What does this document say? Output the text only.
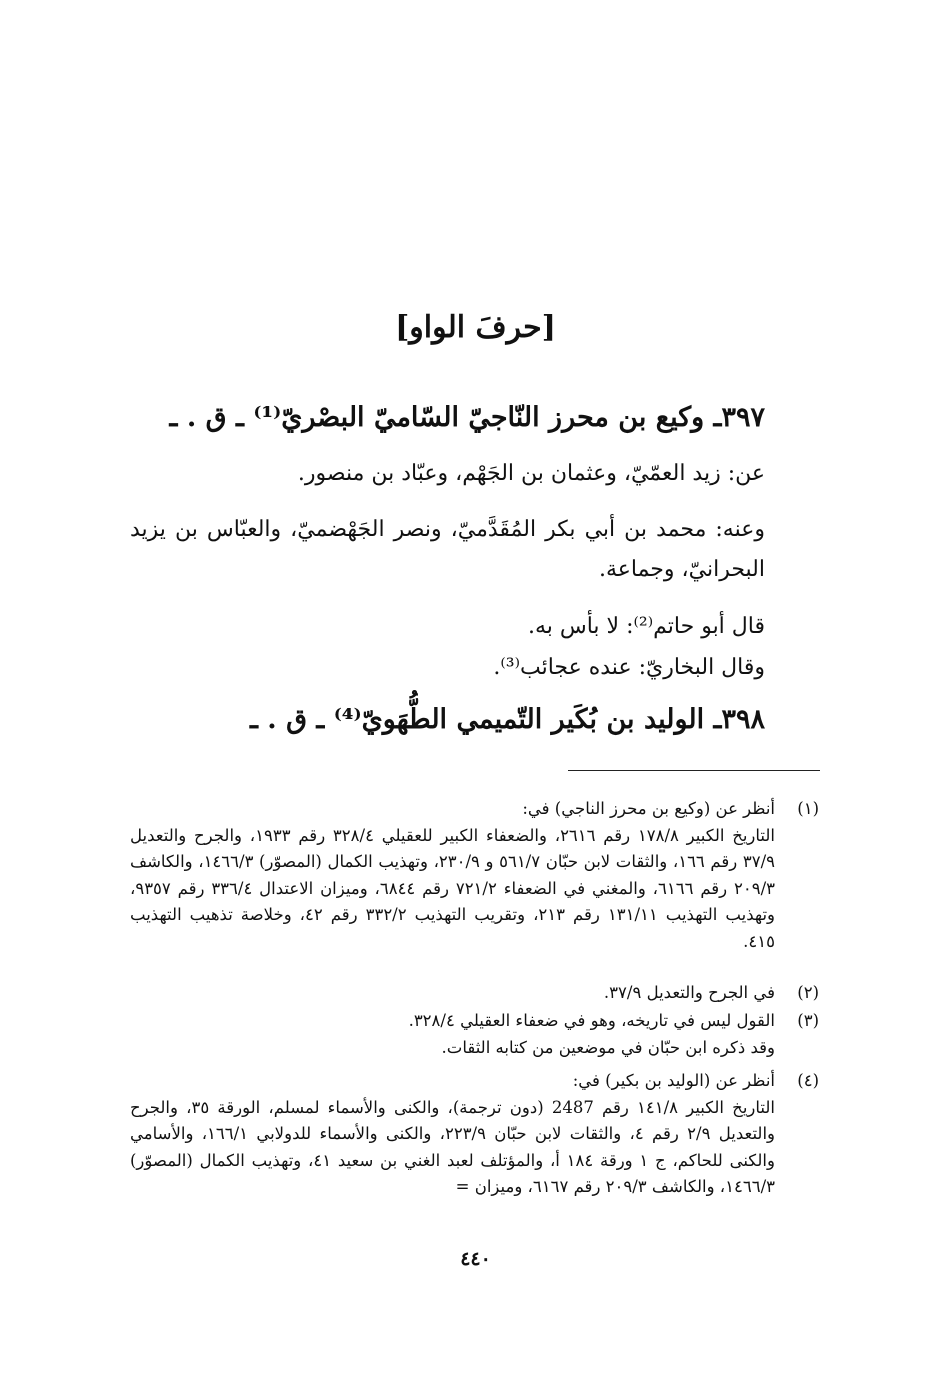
[حرفَ الواو]
٣٩٧ـ وكيع بن محرز النّاجيّ السّاميّ البصْريّ⁽¹⁾ ـ ق . ـ
عن: زيد العمّيّ، وعثمان بن الجَهْم، وعبّاد بن منصور.
وعنه: محمد بن أبي بكر المُقَدَّميّ، ونصر الجَهْضميّ، والعبّاس بن يزيد البحرانيّ، وجماعة.
قال أبو حاتم⁽²⁾: لا بأس به.
وقال البخاريّ: عنده عجائب⁽³⁾.
٣٩٨ـ الوليد بن بُكَير التّميمي الطُّهَويّ⁽⁴⁾ ـ ق . ـ
(١)
أنظر عن (وكيع بن محرز الناجي) في:
التاريخ الكبير ١٧٨/٨ رقم ٢٦١٦، والضعفاء الكبير للعقيلي ٣٢٨/٤ رقم ١٩٣٣، والجرح والتعديل ٣٧/٩ رقم ١٦٦، والثقات لابن حبّان ٥٦١/٧ و ٢٣٠/٩، وتهذيب الكمال (المصوّر) ١٤٦٦/٣، والكاشف ٢٠٩/٣ رقم ٦١٦٦، والمغني في الضعفاء ٧٢١/٢ رقم ٦٨٤٤، وميزان الاعتدال ٣٣٦/٤ رقم ٩٣٥٧، وتهذيب التهذيب ١٣١/١١ رقم ٢١٣، وتقريب التهذيب ٣٣٢/٢ رقم ٤٢، وخلاصة تذهيب التهذيب ٤١٥.
(٢)
في الجرح والتعديل ٣٧/٩.
(٣)
القول ليس في تاريخه، وهو في ضعفاء العقيلي ٣٢٨/٤.
وقد ذكره ابن حبّان في موضعين من كتابه الثقات.
(٤)
أنظر عن (الوليد بن بكير) في:
التاريخ الكبير ١٤١/٨ رقم 2487 (دون ترجمة)، والكنى والأسماء لمسلم، الورقة ٣٥، والجرح والتعديل ٢/٩ رقم ٤، والثقات لابن حبّان ٢٢٣/٩، والكنى والأسماء للدولابي ١٦٦/١، والأسامي والكنى للحاكم، ج ١ ورقة ١٨٤ أ، والمؤتلف لعبد الغني بن سعيد ٤١، وتهذيب الكمال (المصوّر) ١٤٦٦/٣، والكاشف ٢٠٩/٣ رقم ٦١٦٧، وميزان =
٤٤٠
